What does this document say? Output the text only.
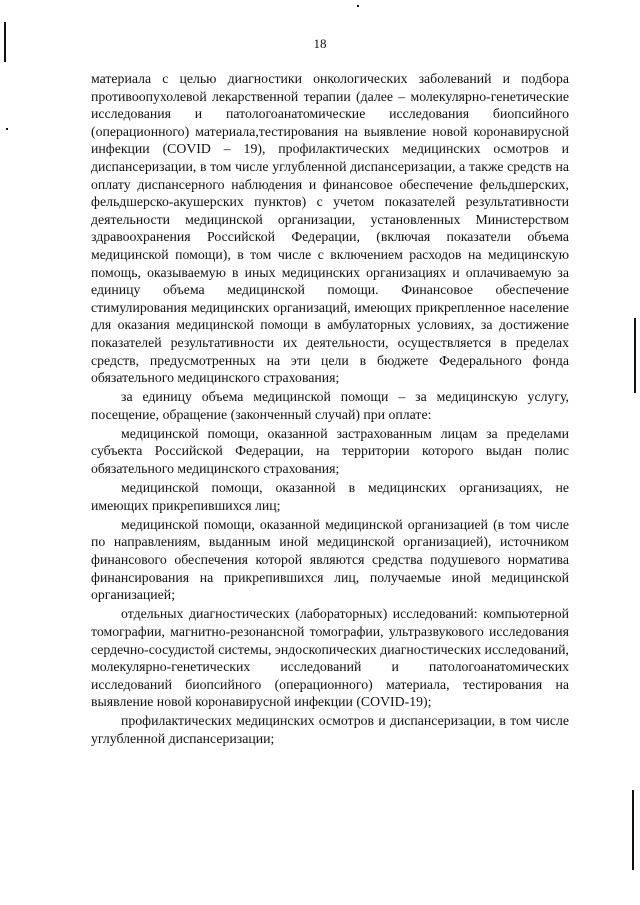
18

материала с целью диагностики онкологических заболеваний и подбора противоопухолевой лекарственной терапии (далее – молекулярно-генетические исследования и патологоанатомические исследования биопсийного (операционного) материала,тестирования на выявление новой коронавирусной инфекции (COVID – 19), профилактических медицинских осмотров и диспансеризации, в том числе углубленной диспансеризации, а также средств на оплату диспансерного наблюдения и финансовое обеспечение фельдшерских, фельдшерско-акушерских пунктов) с учетом показателей результативности деятельности медицинской организации, установленных Министерством здравоохранения Российской Федерации, (включая показатели объема медицинской помощи), в том числе с включением расходов на медицинскую помощь, оказываемую в иных медицинских организациях и оплачиваемую за единицу объема медицинской помощи. Финансовое обеспечение стимулирования медицинских организаций, имеющих прикрепленное население для оказания медицинской помощи в амбулаторных условиях, за достижение показателей результативности их деятельности, осуществляется в пределах средств, предусмотренных на эти цели в бюджете Федерального фонда обязательного медицинского страхования;

за единицу объема медицинской помощи – за медицинскую услугу, посещение, обращение (законченный случай) при оплате:

медицинской помощи, оказанной застрахованным лицам за пределами субъекта Российской Федерации, на территории которого выдан полис обязательного медицинского страхования;

медицинской помощи, оказанной в медицинских организациях, не имеющих прикрепившихся лиц;

медицинской помощи, оказанной медицинской организацией (в том числе по направлениям, выданным иной медицинской организацией), источником финансового обеспечения которой являются средства подушевого норматива финансирования на прикрепившихся лиц, получаемые иной медицинской организацией;

отдельных диагностических (лабораторных) исследований: компьютерной томографии, магнитно-резонансной томографии, ультразвукового исследования сердечно-сосудистой системы, эндоскопических диагностических исследований, молекулярно-генетических исследований и патологоанатомических исследований биопсийного (операционного) материала, тестирования на выявление новой коронавирусной инфекции (COVID-19);

профилактических медицинских осмотров и диспансеризации, в том числе углубленной диспансеризации;
